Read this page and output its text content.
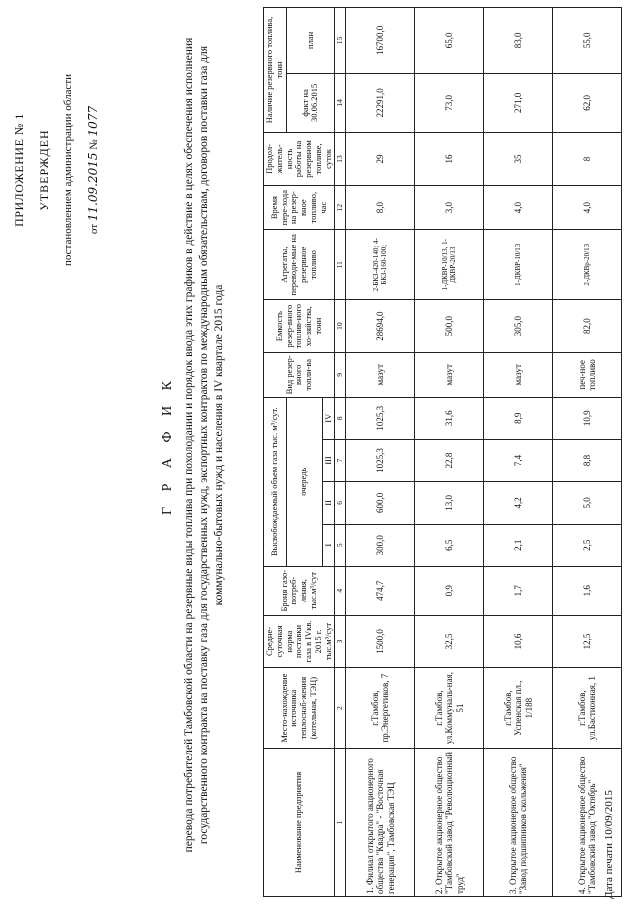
ПРИЛОЖЕНИЕ № 1 УТВЕРЖДЕН постановлением администрации области от 11.09.2015 № 1077
Г Р А Ф И К перевода потребителей Тамбовской области на резервные виды топлива при похолодании и порядок ввода этих графиков в действие в целях обеспечения исполнения государственного контракта на поставку газа для государственных нужд, экспортных контрактов по международным обязательствам, договоров поставки газа для коммунально-бытовых нужд и населения в IV квартале 2015 года
Наименование предприятия	Место-нахождение источника теплоснаб-жения (котельная, ТЭЦ)	Средне-суточная норма поставки газа в IVкв. 2015 г. тыс.м³/сут	Броня газо-потреб-ления, тыс.м³/сут	Высвобождаемый объем газа тыс. м³/сут.				Вид резер-вного топли-ва	Емкость резер-вного топлив-ного хо-зяйства, тонн	Агрегаты, переводи-мые на резервное топливо	Время пере-хода на резер-вное топливо, час	Продол-житель-ность работы на резервном топливе, суток	Наличие резервного топлива, тонн	
				очередь									факт на 30.06.2015	план
				I	II	III	IV							
1	2	3	4	5	6	7	8	9	10	11	12	13	14	15
1. Филиал открытого акционерного общества "Квадра" - "Восточная генерация", Тамбовская ТЭЦ	г.Тамбов, пр.Энергетиков, 7	1500,0	474,7	300,0	600,0	1025,3	1025,3	мазут	28694,0	2-БКЗ-420-140; 4-БКЗ-160-100;	8,0	29	22291,0	16700,0
2. Открытое акционерное общество "Тамбовский завод "Революционный труд"	г.Тамбов, ул.Коммуналь-ная, 51	32,5	0,9	6,5	13,0	22,8	31,6	мазут	500,0	1-ДКВР-10/13, 1-ДКВР-20/13	3,0	16	73,0	65,0
3. Открытое акционерное общество "Завод подшипников скольжения"	г.Тамбов, Успенская пл., 1/188	10,6	1,7	2,1	4,2	7,4	8,9	мазут	305,0	1-ДКВР-10/13	4,0	35	271,0	83,0
4. Открытое акционерное общество "Тамбовский завод "Октябрь"	г.Тамбов, ул.Бастионная, 1	12,5	1,6	2,5	5,0	8,8	10,9	печ-ное топливо	82,0	2-ДКВр-20/13	4,0	8	62,0	55,0
Дата печати 10/09/2015
